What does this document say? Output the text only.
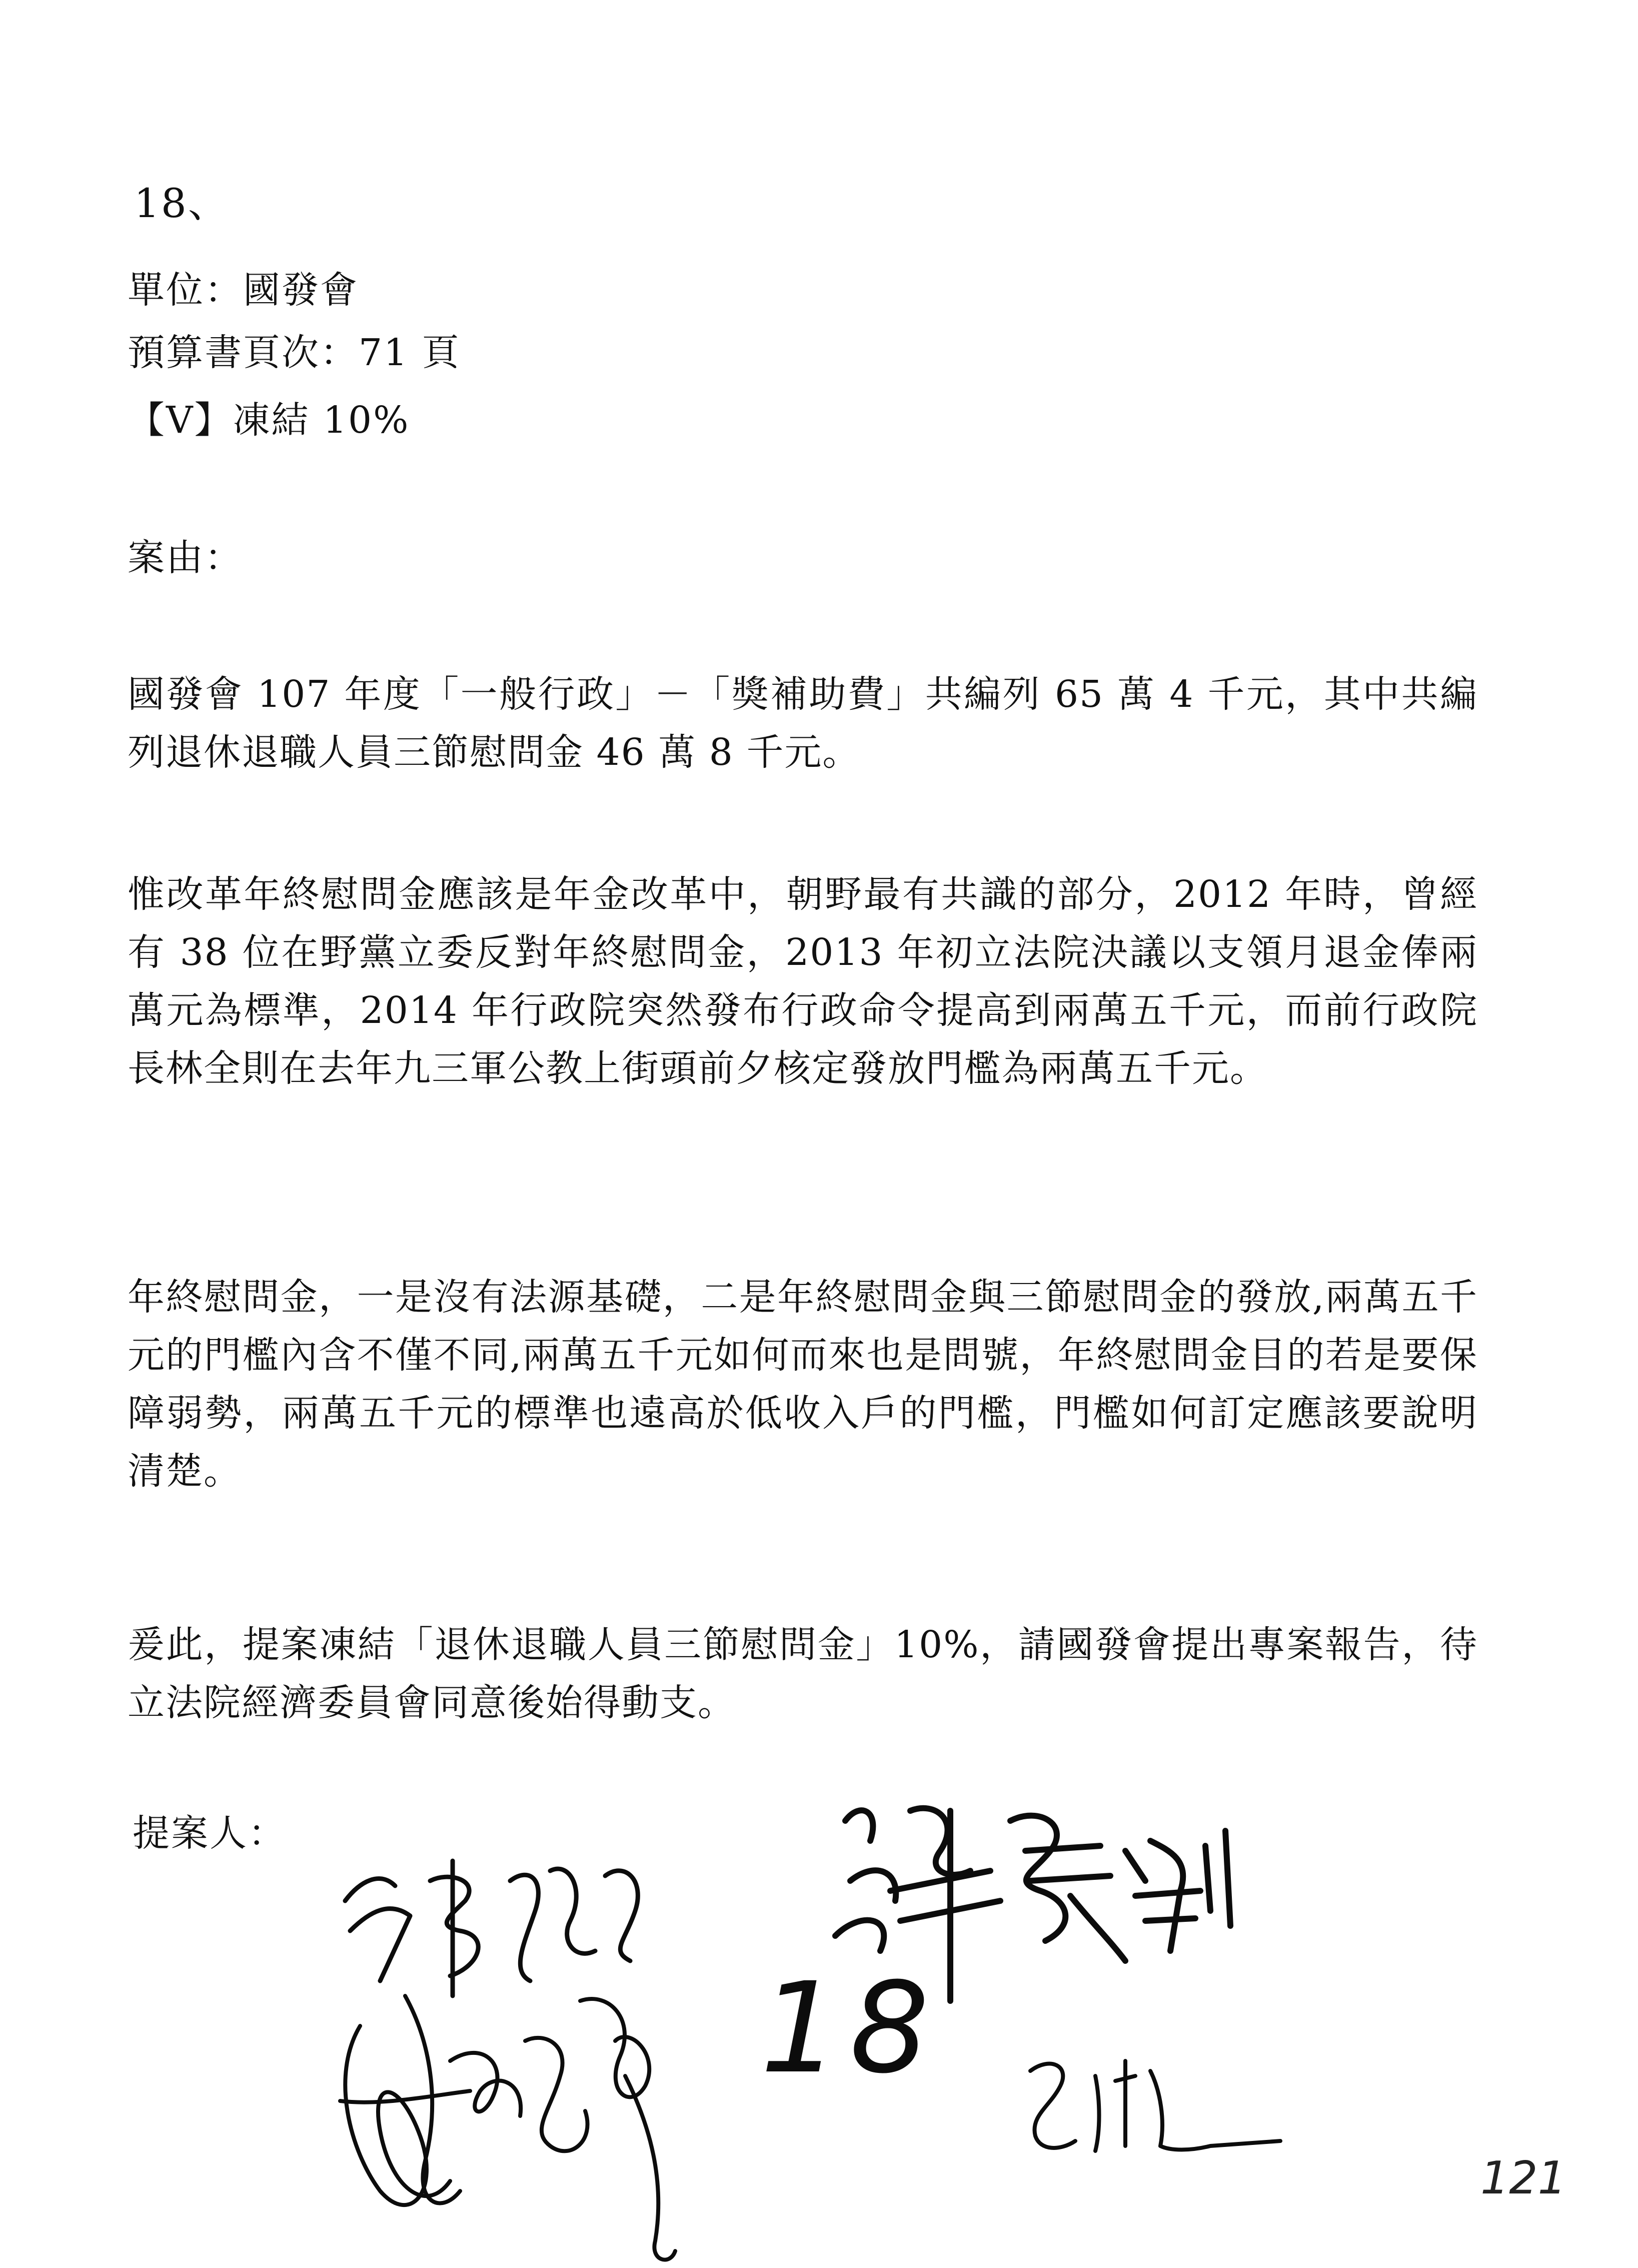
18、
單位：國發會
預算書頁次：71 頁
【V】凍結 10%
案由：
國發會 107 年度「一般行政」－「獎補助費」共編列 65 萬 4 千元，其中共編列退休退職人員三節慰問金 46 萬 8 千元。
惟改革年終慰問金應該是年金改革中，朝野最有共識的部分，2012 年時，曾經有 38 位在野黨立委反對年終慰問金，2013 年初立法院決議以支領月退金俸兩萬元為標準，2014 年行政院突然發布行政命令提高到兩萬五千元，而前行政院長林全則在去年九三軍公教上街頭前夕核定發放門檻為兩萬五千元。
年終慰問金，一是沒有法源基礎，二是年終慰問金與三節慰問金的發放,兩萬五千元的門檻內含不僅不同,兩萬五千元如何而來也是問號，年終慰問金目的若是要保障弱勢，兩萬五千元的標準也遠高於低收入戶的門檻，門檻如何訂定應該要說明清楚。
爰此，提案凍結「退休退職人員三節慰問金」10%，請國發會提出專案報告，待立法院經濟委員會同意後始得動支。
提案人：
18
121
